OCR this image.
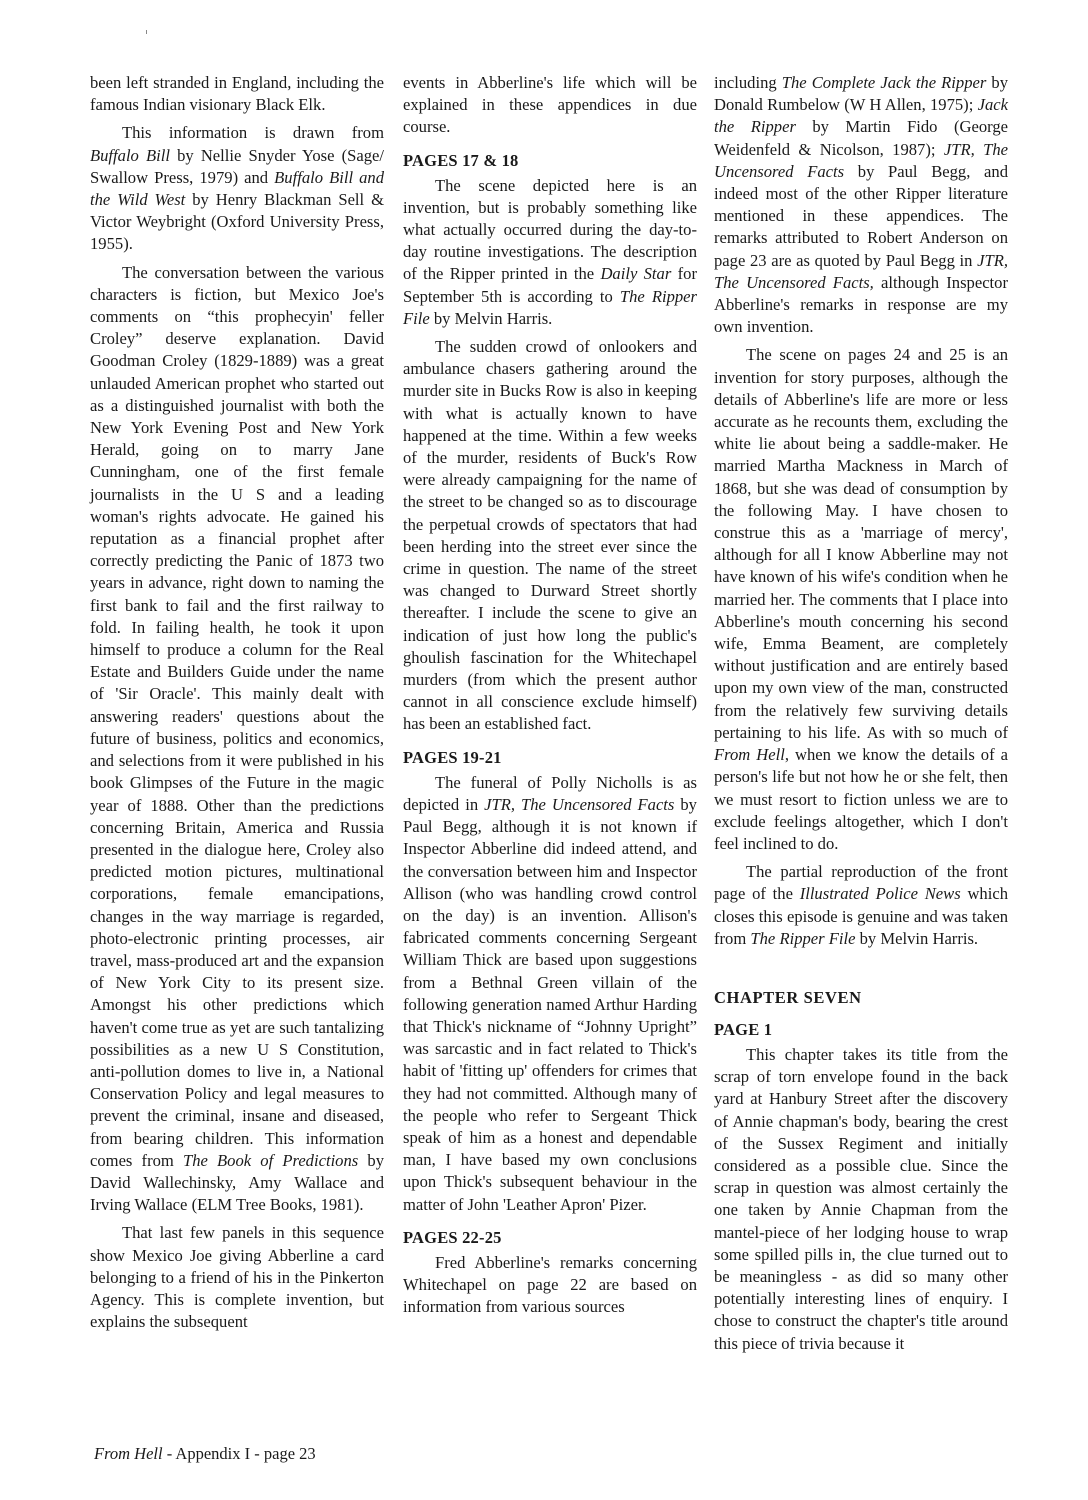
been left stranded in England, including the famous Indian visionary Black Elk.

This information is drawn from Buffalo Bill by Nellie Snyder Yose (Sage/ Swallow Press, 1979) and Buffalo Bill and the Wild West by Henry Blackman Sell & Victor Weybright (Oxford University Press, 1955).

The conversation between the various characters is fiction, but Mexico Joe's comments on “this prophecyin' feller Croley” deserve explanation. David Goodman Croley (1829-1889) was a great unlauded American prophet who started out as a distinguished journalist with both the New York Evening Post and New York Herald, going on to marry Jane Cunningham, one of the first female journalists in the U S and a leading woman's rights advocate. He gained his reputation as a financial prophet after correctly predicting the Panic of 1873 two years in advance, right down to naming the first bank to fail and the first railway to fold. In failing health, he took it upon himself to produce a column for the Real Estate and Builders Guide under the name of 'Sir Oracle'. This mainly dealt with answering readers' questions about the future of business, politics and economics, and selections from it were published in his book Glimpses of the Future in the magic year of 1888. Other than the predictions concerning Britain, America and Russia presented in the dialogue here, Croley also predicted motion pictures, multinational corporations, female emancipations, changes in the way marriage is regarded, photo-electronic printing processes, air travel, mass-produced art and the expansion of New York City to its present size. Amongst his other predictions which haven't come true as yet are such tantalizing possibilities as a new U S Constitution, anti-pollution domes to live in, a National Conservation Policy and legal measures to prevent the criminal, insane and diseased, from bearing children. This information comes from The Book of Predictions by David Wallechinsky, Amy Wallace and Irving Wallace (ELM Tree Books, 1981).

That last few panels in this sequence show Mexico Joe giving Abberline a card belonging to a friend of his in the Pinkerton Agency. This is complete invention, but explains the subsequent

events in Abberline's life which will be explained in these appendices in due course.

PAGES 17 & 18

The scene depicted here is an invention, but is probably something like what actually occurred during the day-to-day routine investigations. The description of the Ripper printed in the Daily Star for September 5th is according to The Ripper File by Melvin Harris.

The sudden crowd of onlookers and ambulance chasers gathering around the murder site in Bucks Row is also in keeping with what is actually known to have happened at the time. Within a few weeks of the murder, residents of Buck's Row were already campaigning for the name of the street to be changed so as to discourage the perpetual crowds of spectators that had been herding into the street ever since the crime in question. The name of the street was changed to Durward Street shortly thereafter. I include the scene to give an indication of just how long the public's ghoulish fascination for the Whitechapel murders (from which the present author cannot in all conscience exclude himself) has been an established fact.

PAGES 19-21

The funeral of Polly Nicholls is as depicted in JTR, The Uncensored Facts by Paul Begg, although it is not known if Inspector Abberline did indeed attend, and the conversation between him and Inspector Allison (who was handling crowd control on the day) is an invention. Allison's fabricated comments concerning Sergeant William Thick are based upon suggestions from a Bethnal Green villain of the following generation named Arthur Harding that Thick's nickname of “Johnny Upright” was sarcastic and in fact related to Thick's habit of 'fitting up' offenders for crimes that they had not committed. Although many of the people who refer to Sergeant Thick speak of him as a honest and dependable man, I have based my own conclusions upon Thick's subsequent behaviour in the matter of John 'Leather Apron' Pizer.

PAGES 22-25

Fred Abberline's remarks concerning Whitechapel on page 22 are based on information from various sources

including The Complete Jack the Ripper by Donald Rumbelow (W H Allen, 1975); Jack the Ripper by Martin Fido (George Weidenfeld & Nicolson, 1987); JTR, The Uncensored Facts by Paul Begg, and indeed most of the other Ripper literature mentioned in these appendices. The remarks attributed to Robert Anderson on page 23 are as quoted by Paul Begg in JTR, The Uncensored Facts, although Inspector Abberline's remarks in response are my own invention.

The scene on pages 24 and 25 is an invention for story purposes, although the details of Abberline's life are more or less accurate as he recounts them, excluding the white lie about being a saddle-maker. He married Martha Mackness in March of 1868, but she was dead of consumption by the following May. I have chosen to construe this as a 'marriage of mercy', although for all I know Abberline may not have known of his wife's condition when he married her. The comments that I place into Abberline's mouth concerning his second wife, Emma Beament, are completely without justification and are entirely based upon my own view of the man, constructed from the relatively few surviving details pertaining to his life. As with so much of From Hell, when we know the details of a person's life but not how he or she felt, then we must resort to fiction unless we are to exclude feelings altogether, which I don't feel inclined to do.

The partial reproduction of the front page of the Illustrated Police News which closes this episode is genuine and was taken from The Ripper File by Melvin Harris.

CHAPTER SEVEN
PAGE 1

This chapter takes its title from the scrap of torn envelope found in the back yard at Hanbury Street after the discovery of Annie chapman's body, bearing the crest of the Sussex Regiment and initially considered as a possible clue. Since the scrap in question was almost certainly the one taken by Annie Chapman from the mantel-piece of her lodging house to wrap some spilled pills in, the clue turned out to be meaningless - as did so many other potentially interesting lines of enquiry. I chose to construct the chapter's title around this piece of trivia because it

From Hell - Appendix I - page 23
